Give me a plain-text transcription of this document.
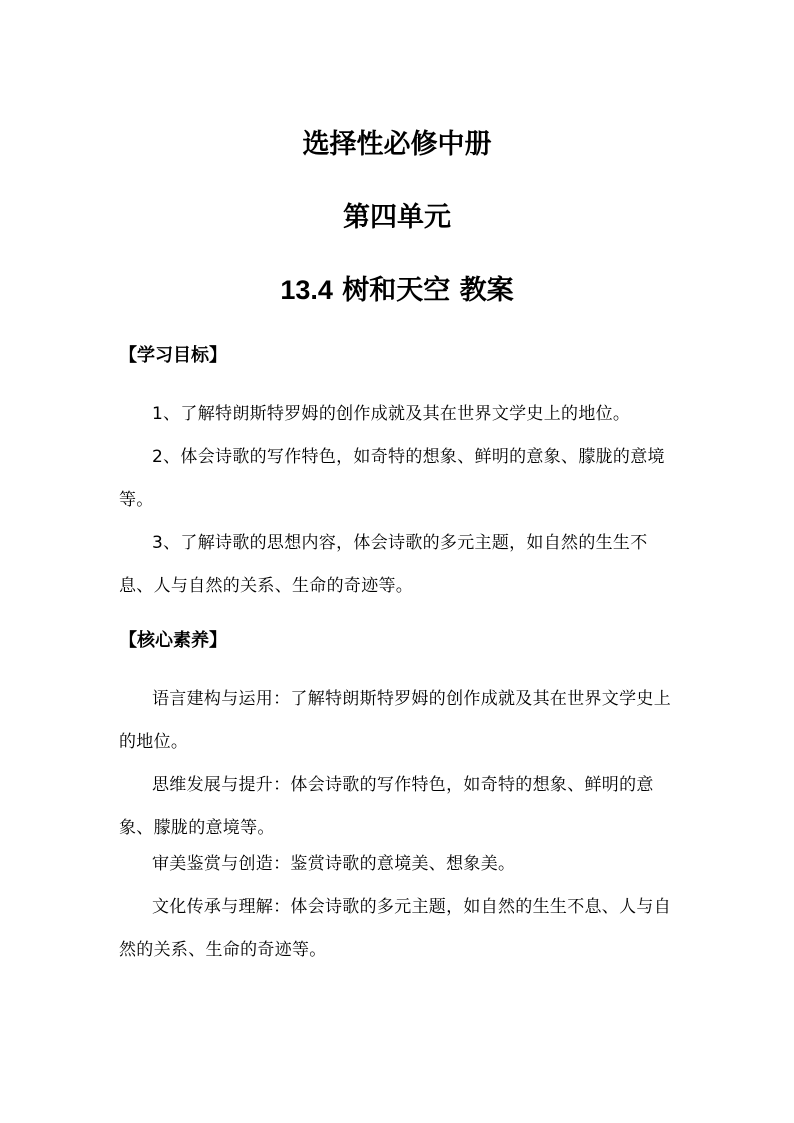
选择性必修中册
第四单元
13.4 树和天空 教案
【学习目标】

1、了解特朗斯特罗姆的创作成就及其在世界文学史上的地位。

2、体会诗歌的写作特色，如奇特的想象、鲜明的意象、朦胧的意境等。

3、了解诗歌的思想内容，体会诗歌的多元主题，如自然的生生不息、人与自然的关系、生命的奇迹等。

【核心素养】

语言建构与运用：了解特朗斯特罗姆的创作成就及其在世界文学史上的地位。

思维发展与提升：体会诗歌的写作特色，如奇特的想象、鲜明的意象、朦胧的意境等。

审美鉴赏与创造：鉴赏诗歌的意境美、想象美。

文化传承与理解：体会诗歌的多元主题，如自然的生生不息、人与自然的关系、生命的奇迹等。
